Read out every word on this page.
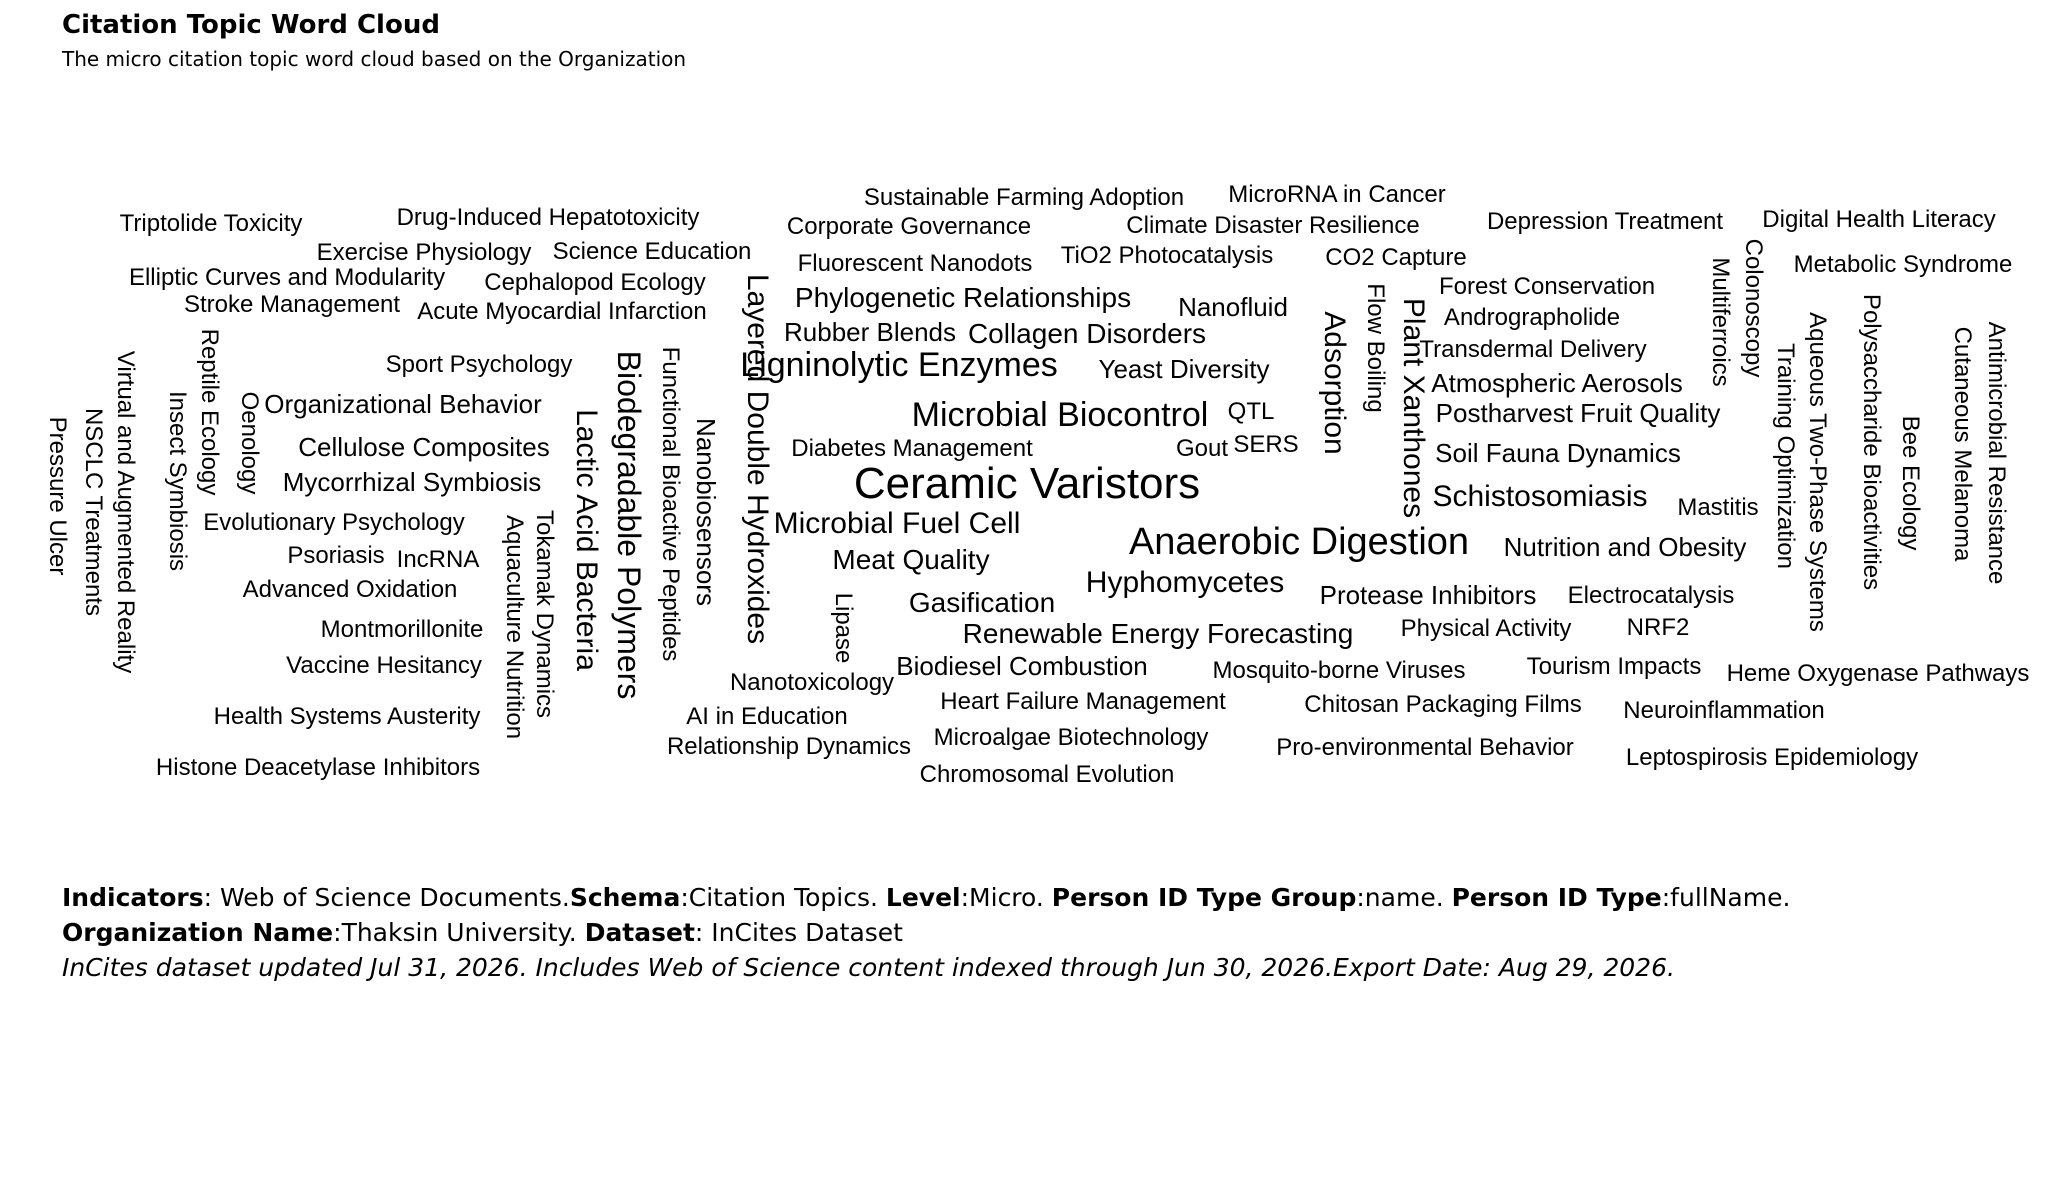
Citation Topic Word Cloud
The micro citation topic word cloud based on the Organization
Sustainable Farming Adoption MicroRNA in Cancer
Drug-Induced Hepatotoxicity
Triptolide Toxicity	Corporate Governance	Climate Disaster Resilience	Depression Treatment Digital Health Literacy
Exercise Physiology Science Education	TiO2 Photocatalysis
Fluorescent Nanodots	CO2 Capture	Metabolic Syndrome
Elliptic Curves and Modularity Cephalopod Ecology	Forest Conservation
Stroke Management Acute Myocardial Infarction	Phylogenetic Relationships Nanofluid	Andrographolide
Rubber Blends Collagen Disorders
Transdermal Delivery
Sport Psychology	Ligninolytic Enzymes Yeast Diversity	Atmospheric Aerosols
Organizational Behavior	Microbial Biocontrol QTL	Postharvest Fruit Quality
Cellulose Composites	Diabetes Management	Gout SERS	Soil Fauna Dynamics
Mycorrhizal Symbiosis	Ceramic Varistors	Schistosomiasis Mastitis
Evolutionary Psychology	Microbial Fuel Cell	Anaerobic Digestion Nutrition and Obesity
Psoriasis IncRNA	Meat Quality
Advanced Oxidation	Hyphomycetes Protease Inhibitors Electrocatalysis
Gasification
Montmorillonite	Renewable Energy Forecasting Physical Activity NRF2
Vaccine Hesitancy	Biodiesel Combustion	Mosquito-borne Viruses	Tourism Impacts Heme Oxygenase Pathways
Nanotoxicology
Heart Failure Management	Chitosan Packaging Films
Health Systems Austerity	AI in Education	Neuroinflammation
Microalgae Biotechnology
Relationship Dynamics	Pro-environmental Behavior Leptospirosis Epidemiology
Histone Deacetylase Inhibitors	Chromosomal Evolution
Pressure Ulcer NSCLC Treatments Virtual and Augmented Reality Insect Symbiosis Reptile Ecology Oenology
Tokamak Dynamics
Aquaculture Nutrition Lactic Acid Bacteria Biodegradable Polymers Functional Bioactive Peptides Nanobiosensors Layered Double Hydroxides Lipase
Adsorption Flow Boiling Plant Xanthones	Multiferroics Colonoscopy
Training Optimization Aqueous Two-Phase Systems Polysaccharide Bioactivities Bee Ecology Cutaneous Melanoma Antimicrobial Resistance
Indicators: Web of Science Documents.Schema:Citation Topics. Level:Micro. Person ID Type Group:name. Person ID Type:fullName. Organization Name:Thaksin University. Dataset: InCites Dataset
InCites dataset updated Jul 31, 2026. Includes Web of Science content indexed through Jun 30, 2026.Export Date: Aug 29, 2026.
